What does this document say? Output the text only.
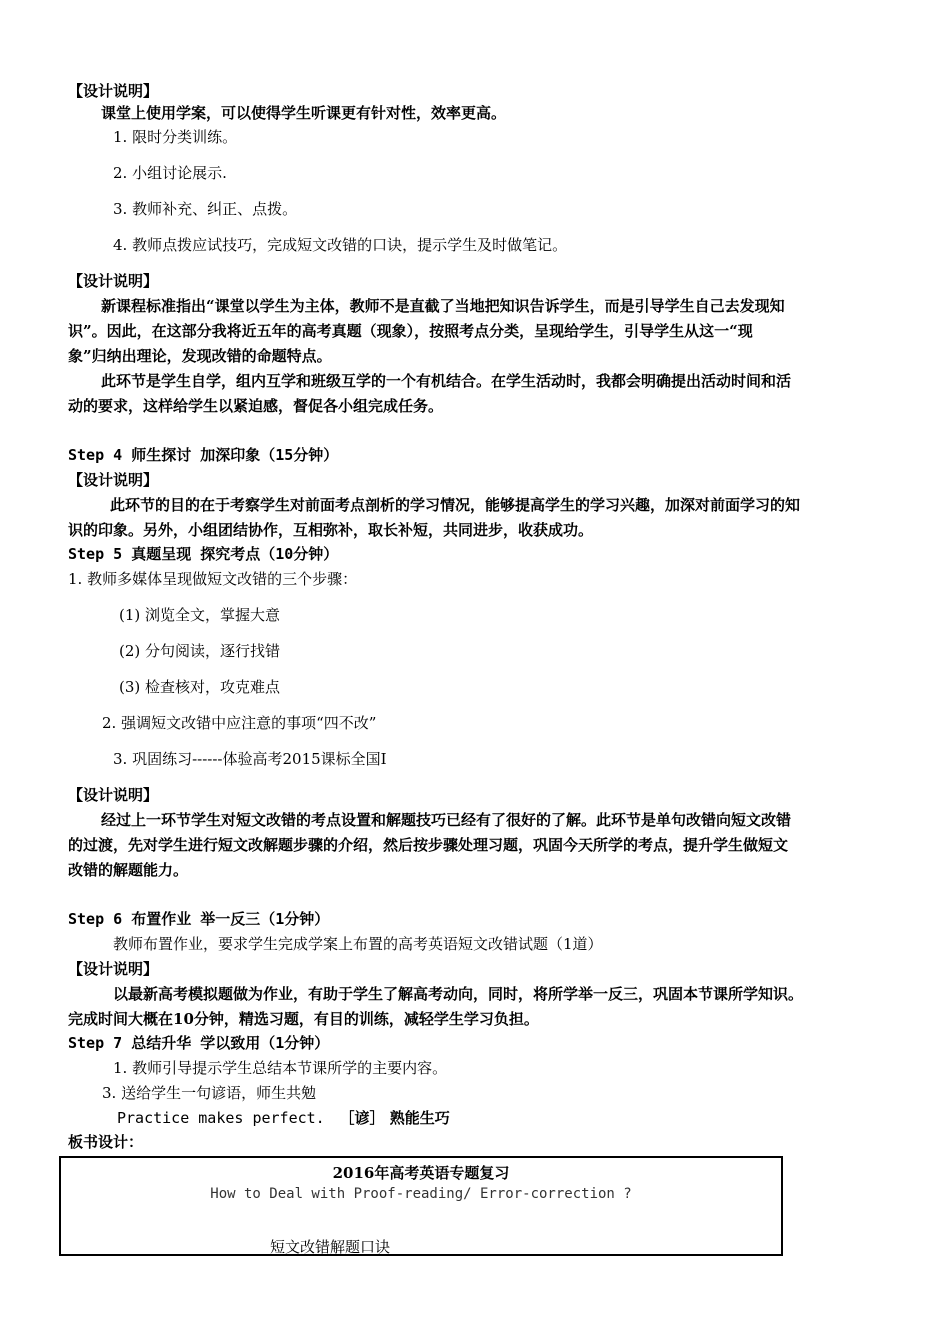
【设计说明】
课堂上使用学案，可以使得学生听课更有针对性，效率更高。
1. 限时分类训练。
2. 小组讨论展示.
3. 教师补充、纠正、点拨。
4. 教师点拨应试技巧，完成短文改错的口诀，提示学生及时做笔记。
【设计说明】
新课程标准指出“课堂以学生为主体，教师不是直截了当地把知识告诉学生，而是引导学生自己去发现知
识”。因此，在这部分我将近五年的高考真题（现象），按照考点分类，呈现给学生，引导学生从这一“现
象”归纳出理论，发现改错的命题特点。
此环节是学生自学，组内互学和班级互学的一个有机结合。在学生活动时，我都会明确提出活动时间和活
动的要求，这样给学生以紧迫感，督促各小组完成任务。
Step 4 师生探讨 加深印象（15分钟）
【设计说明】
此环节的目的在于考察学生对前面考点剖析的学习情况，能够提高学生的学习兴趣，加深对前面学习的知
识的印象。另外，小组团结协作，互相弥补，取长补短，共同进步，收获成功。
Step 5 真题呈现 探究考点（10分钟）
1. 教师多媒体呈现做短文改错的三个步骤：
(1) 浏览全文，掌握大意
(2) 分句阅读，逐行找错
(3) 检查核对，攻克难点
2. 强调短文改错中应注意的事项“四不改”
3. 巩固练习------体验高考2015课标全国Ⅰ
【设计说明】
经过上一环节学生对短文改错的考点设置和解题技巧已经有了很好的了解。此环节是单句改错向短文改错
的过渡，先对学生进行短文改解题步骤的介绍，然后按步骤处理习题，巩固今天所学的考点，提升学生做短文
改错的解题能力。
Step 6 布置作业 举一反三（1分钟）
教师布置作业，要求学生完成学案上布置的高考英语短文改错试题（1道）
【设计说明】
以最新高考模拟题做为作业，有助于学生了解高考动向，同时，将所学举一反三，巩固本节课所学知识。
完成时间大概在10分钟，精选习题，有目的训练，减轻学生学习负担。
Step 7 总结升华 学以致用（1分钟）
1. 教师引导提示学生总结本节课所学的主要内容。
3. 送给学生一句谚语，师生共勉
Practice makes perfect. ［谚］ 熟能生巧
板书设计：
2016年高考英语专题复习
How to Deal with Proof-reading/ Error-correction ?
短文改错解题口诀
